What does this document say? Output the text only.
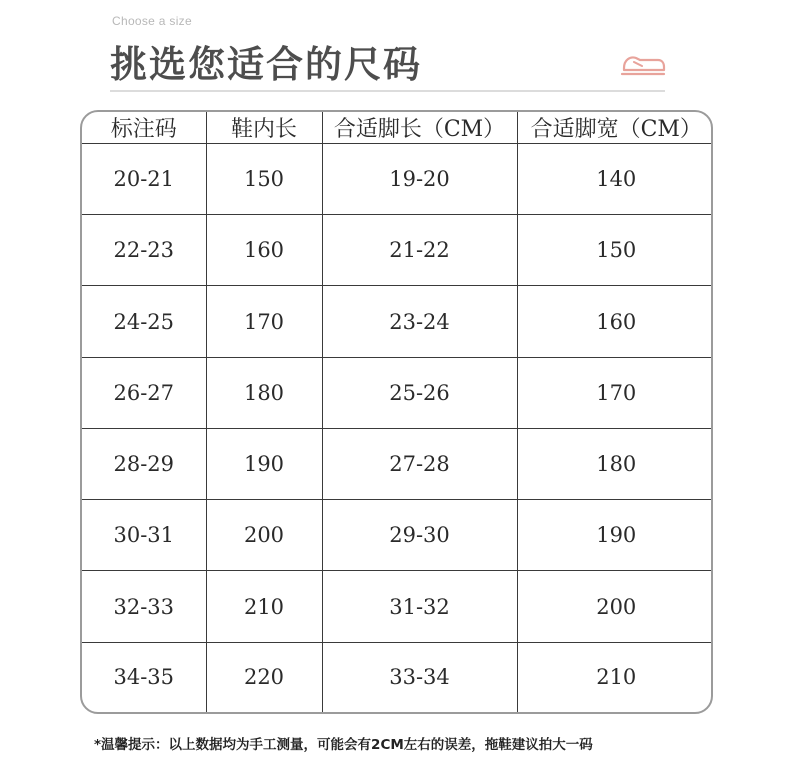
Choose a size
挑选您适合的尺码
标注码	鞋内长	合适脚长（CM）	合适脚宽（CM）
20-21	150	19-20	140
22-23	160	21-22	150
24-25	170	23-24	160
26-27	180	25-26	170
28-29	190	27-28	180
30-31	200	29-30	190
32-33	210	31-32	200
34-35	220	33-34	210
*温馨提示：以上数据均为手工测量，可能会有2CM左右的误差，拖鞋建议拍大一码
